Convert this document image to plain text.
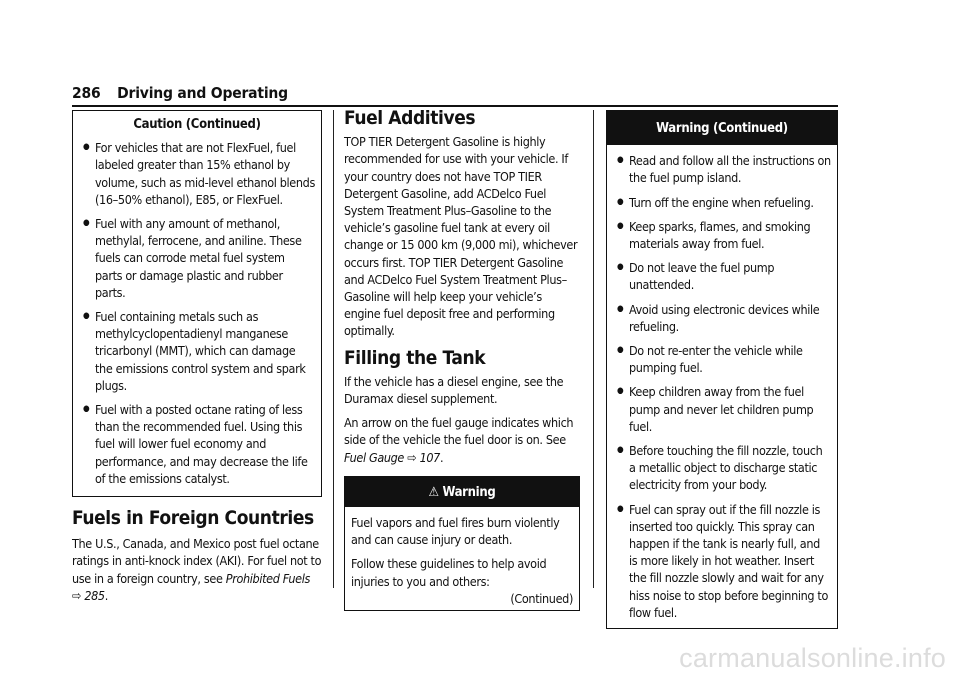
286 Driving and Operating
Caution (Continued)
● For vehicles that are not FlexFuel, fuel labeled greater than 15% ethanol by volume, such as mid-level ethanol blends (16–50% ethanol), E85, or FlexFuel.
● Fuel with any amount of methanol, methylal, ferrocene, and aniline. These fuels can corrode metal fuel system parts or damage plastic and rubber parts.
● Fuel containing metals such as methylcyclopentadienyl manganese tricarbonyl (MMT), which can damage the emissions control system and spark plugs.
● Fuel with a posted octane rating of less than the recommended fuel. Using this fuel will lower fuel economy and performance, and may decrease the life of the emissions catalyst.
Fuels in Foreign Countries

The U.S., Canada, and Mexico post fuel octane ratings in anti-knock index (AKI). For fuel not to use in a foreign country, see Prohibited Fuels ⇨ 285.

Fuel Additives

TOP TIER Detergent Gasoline is highly recommended for use with your vehicle. If your country does not have TOP TIER Detergent Gasoline, add ACDelco Fuel System Treatment Plus–Gasoline to the vehicle’s gasoline fuel tank at every oil change or 15 000 km (9,000 mi), whichever occurs first. TOP TIER Detergent Gasoline and ACDelco Fuel System Treatment Plus–Gasoline will help keep your vehicle’s engine fuel deposit free and performing optimally.

Filling the Tank

If the vehicle has a diesel engine, see the Duramax diesel supplement.

An arrow on the fuel gauge indicates which side of the vehicle the fuel door is on. See Fuel Gauge ⇨ 107.

⚠ Warning

Fuel vapors and fuel fires burn violently and can cause injury or death.

Follow these guidelines to help avoid injuries to you and others:

(Continued)
Warning (Continued)
● Read and follow all the instructions on the fuel pump island.
● Turn off the engine when refueling.
● Keep sparks, flames, and smoking materials away from fuel.
● Do not leave the fuel pump unattended.
● Avoid using electronic devices while refueling.
● Do not re-enter the vehicle while pumping fuel.
● Keep children away from the fuel pump and never let children pump fuel.
● Before touching the fill nozzle, touch a metallic object to discharge static electricity from your body.
● Fuel can spray out if the fill nozzle is inserted too quickly. This spray can happen if the tank is nearly full, and is more likely in hot weather. Insert the fill nozzle slowly and wait for any hiss noise to stop before beginning to flow fuel.
carmanualsonline.info
